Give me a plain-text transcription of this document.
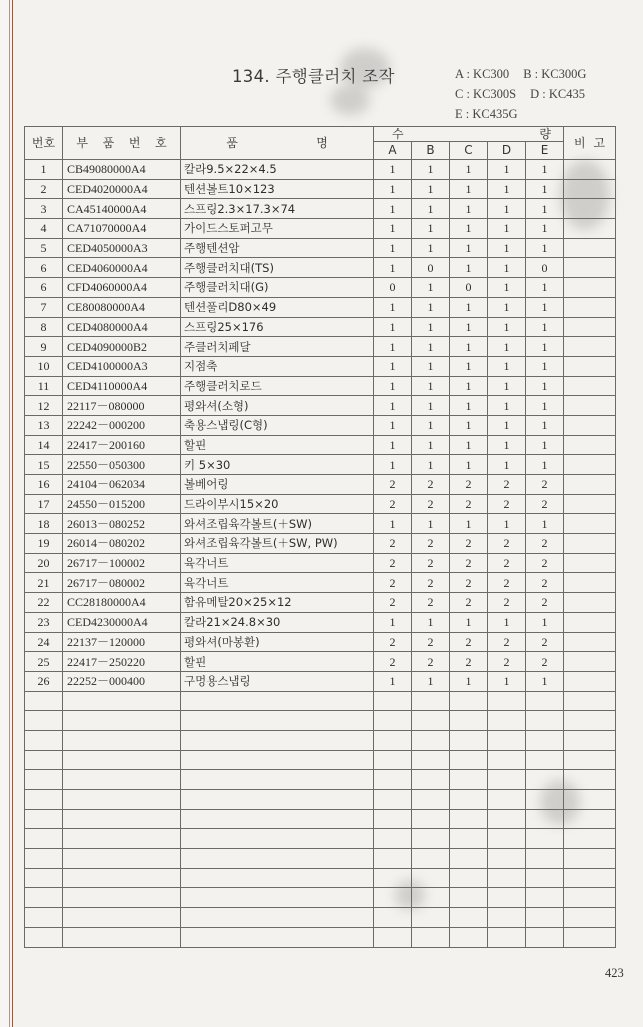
134. 주행클러치 조작	A : KC300 B : KC300G
C : KC300S D : KC435
E : KC435G
번호	부 품 번 호	품 명	수 량					비 고

			A	B	C	D	E	
1	CB49080000A4	칼라9.5×22×4.5	1	1	1	1	1	
2	CED4020000A4	텐션볼트10×123	1	1	1	1	1	
3	CA45140000A4	스프링2.3×17.3×74	1	1	1	1	1	
4	CA71070000A4	가이드스토퍼고무	1	1	1	1	1	
5	CED4050000A3	주행텐션암	1	1	1	1	1	
6	CED4060000A4	주행클러치대(TS)	1	0	1	1	0	
6	CFD4060000A4	주행클러치대(G)	0	1	0	1	1	
7	CE80080000A4	텐션풀리D80×49	1	1	1	1	1	
8	CED4080000A4	스프링25×176	1	1	1	1	1	
9	CED4090000B2	주클러치페달	1	1	1	1	1	
10	CED4100000A3	지점축	1	1	1	1	1	
11	CED4110000A4	주행클러치로드	1	1	1	1	1	
12	22117－080000	평와셔(소형)	1	1	1	1	1	
13	22242－000200	축용스냅링(C형)	1	1	1	1	1	
14	22417－200160	할핀	1	1	1	1	1	
15	22550－050300	키 5×30	1	1	1	1	1	
16	24104－062034	볼베어링	2	2	2	2	2	
17	24550－015200	드라이부시15×20	2	2	2	2	2	
18	26013－080252	와셔조립육각볼트(＋SW)	1	1	1	1	1	
19	26014－080202	와셔조립육각볼트(＋SW, PW)	2	2	2	2	2	
20	26717－100002	육각너트	2	2	2	2	2	
21	26717－080002	육각너트	2	2	2	2	2	
22	CC28180000A4	함유메탈20×25×12	2	2	2	2	2	
23	CED4230000A4	칼라21×24.8×30	1	1	1	1	1	
24	22137－120000	평와셔(마봉환)	2	2	2	2	2	
25	22417－250220	할핀	2	2	2	2	2	
26	22252－000400	구멍용스냅링	1	1	1	1	1	

423
